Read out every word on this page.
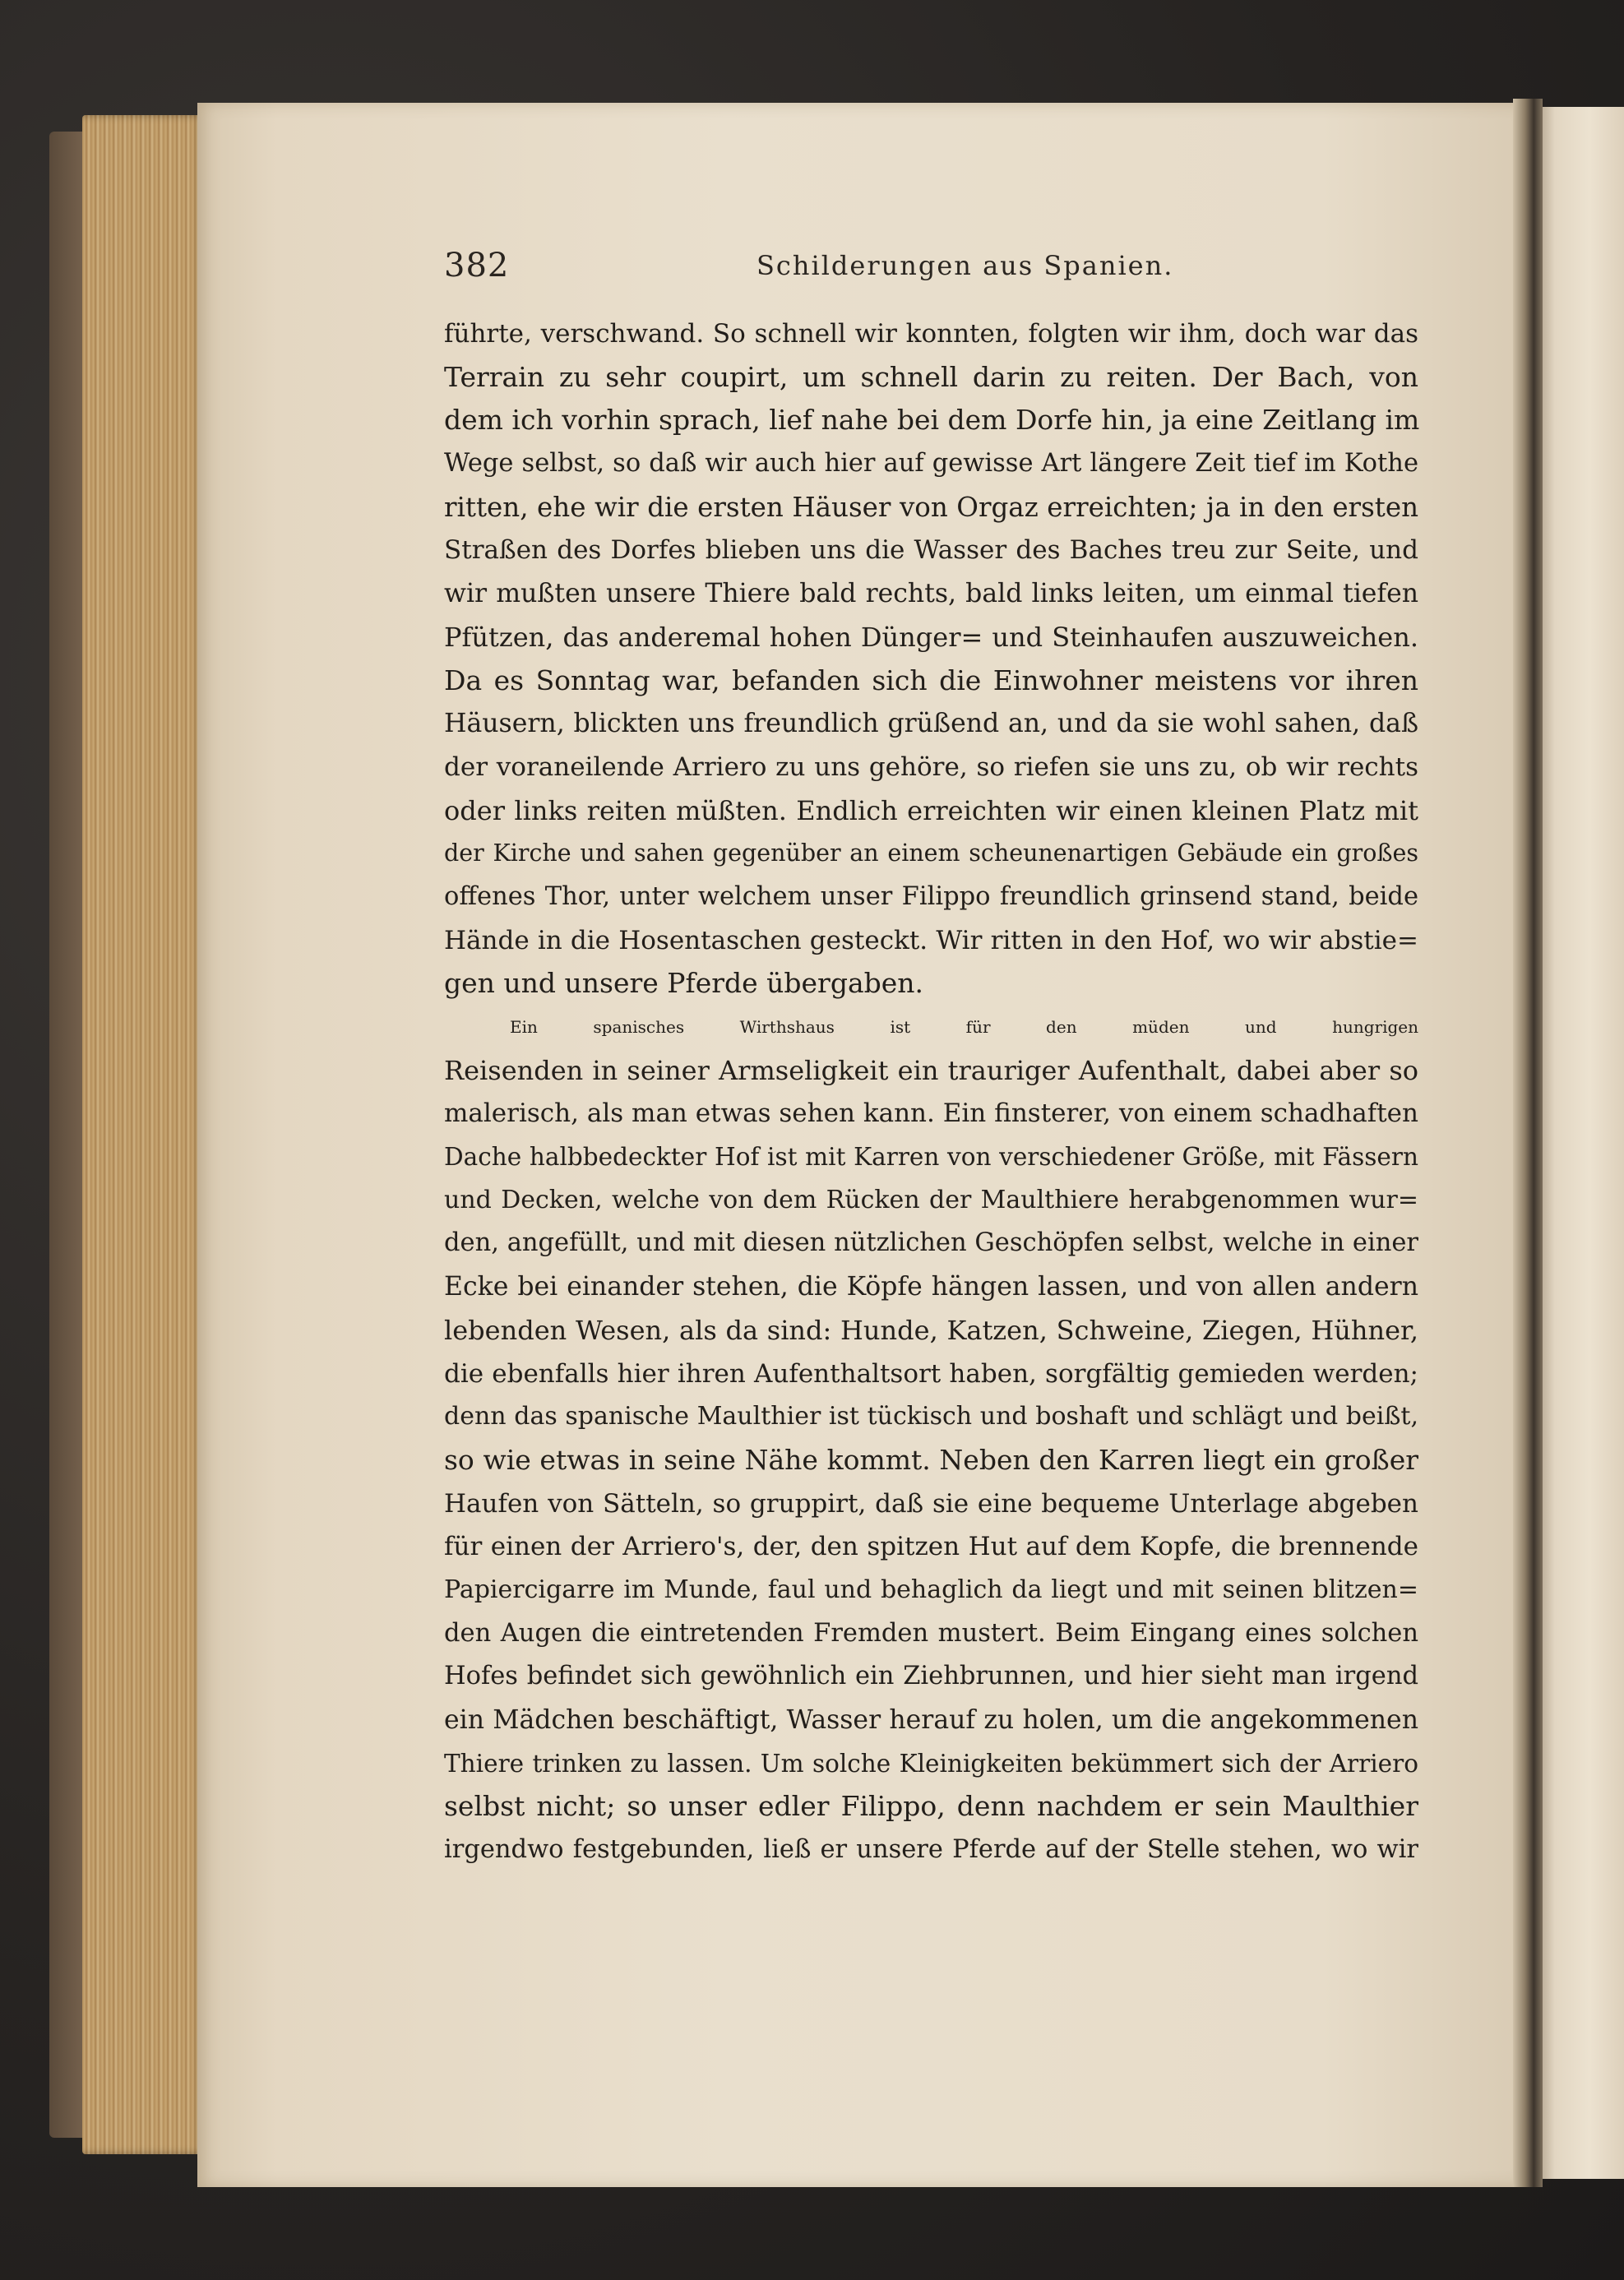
382	Schilderungen aus Spanien.
führte, verschwand. So schnell wir konnten, folgten wir ihm, doch war das
Terrain zu sehr coupirt, um schnell darin zu reiten. Der Bach, von
dem ich vorhin sprach, lief nahe bei dem Dorfe hin, ja eine Zeitlang im
Wege selbst, so daß wir auch hier auf gewisse Art längere Zeit tief im Kothe
ritten, ehe wir die ersten Häuser von Orgaz erreichten; ja in den ersten
Straßen des Dorfes blieben uns die Wasser des Baches treu zur Seite, und
wir mußten unsere Thiere bald rechts, bald links leiten, um einmal tiefen
Pfützen, das anderemal hohen Dünger= und Steinhaufen auszuweichen.
Da es Sonntag war, befanden sich die Einwohner meistens vor ihren
Häusern, blickten uns freundlich grüßend an, und da sie wohl sahen, daß
der voraneilende Arriero zu uns gehöre, so riefen sie uns zu, ob wir rechts
oder links reiten müßten. Endlich erreichten wir einen kleinen Platz mit
der Kirche und sahen gegenüber an einem scheunenartigen Gebäude ein großes
offenes Thor, unter welchem unser Filippo freundlich grinsend stand, beide
Hände in die Hosentaschen gesteckt. Wir ritten in den Hof, wo wir abstie=
gen und unsere Pferde übergaben.
Ein spanisches Wirthshaus ist für den müden und hungrigen
Reisenden in seiner Armseligkeit ein trauriger Aufenthalt, dabei aber so
malerisch, als man etwas sehen kann. Ein finsterer, von einem schadhaften
Dache halbbedeckter Hof ist mit Karren von verschiedener Größe, mit Fässern
und Decken, welche von dem Rücken der Maulthiere herabgenommen wur=
den, angefüllt, und mit diesen nützlichen Geschöpfen selbst, welche in einer
Ecke bei einander stehen, die Köpfe hängen lassen, und von allen andern
lebenden Wesen, als da sind: Hunde, Katzen, Schweine, Ziegen, Hühner,
die ebenfalls hier ihren Aufenthaltsort haben, sorgfältig gemieden werden;
denn das spanische Maulthier ist tückisch und boshaft und schlägt und beißt,
so wie etwas in seine Nähe kommt. Neben den Karren liegt ein großer
Haufen von Sätteln, so gruppirt, daß sie eine bequeme Unterlage abgeben
für einen der Arriero's, der, den spitzen Hut auf dem Kopfe, die brennende
Papiercigarre im Munde, faul und behaglich da liegt und mit seinen blitzen=
den Augen die eintretenden Fremden mustert. Beim Eingang eines solchen
Hofes befindet sich gewöhnlich ein Ziehbrunnen, und hier sieht man irgend
ein Mädchen beschäftigt, Wasser herauf zu holen, um die angekommenen
Thiere trinken zu lassen. Um solche Kleinigkeiten bekümmert sich der Arriero
selbst nicht; so unser edler Filippo, denn nachdem er sein Maulthier
irgendwo festgebunden, ließ er unsere Pferde auf der Stelle stehen, wo wir
